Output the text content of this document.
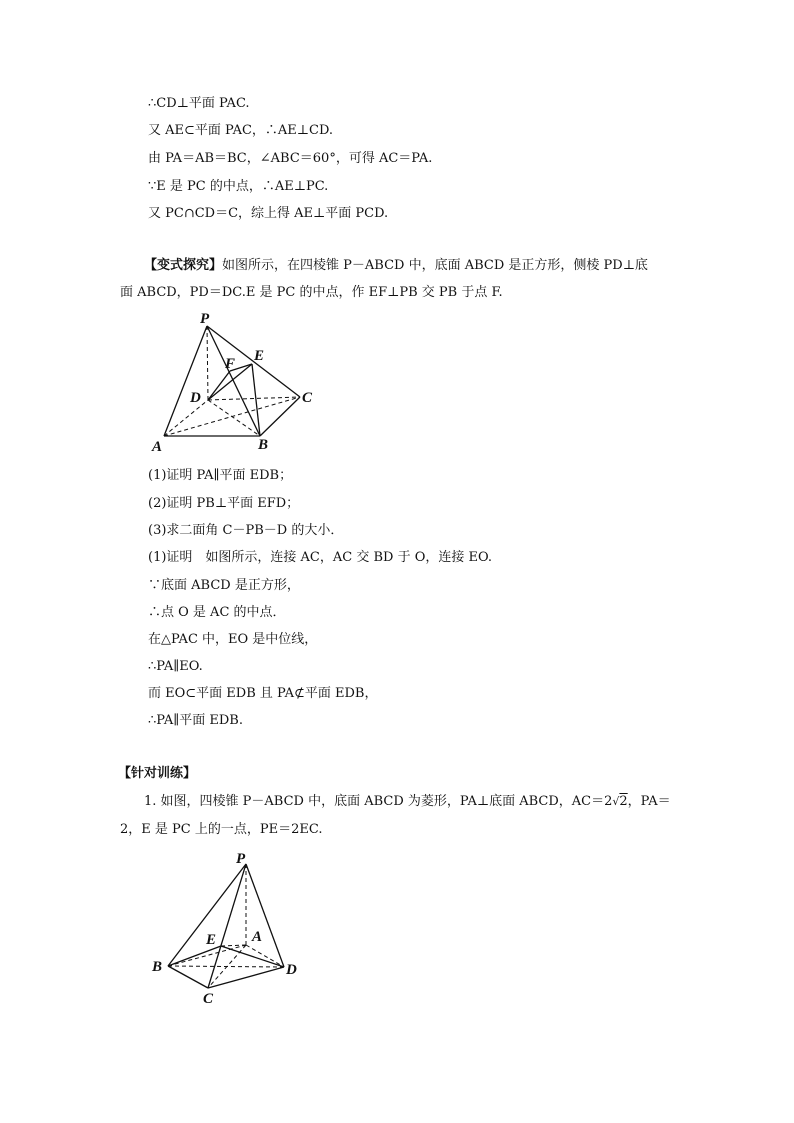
∴CD⊥平面 PAC.
又 AE⊂平面 PAC，∴AE⊥CD.
由 PA＝AB＝BC，∠ABC＝60°，可得 AC＝PA.
∵E 是 PC 的中点，∴AE⊥PC.
又 PC∩CD＝C，综上得 AE⊥平面 PCD.
【变式探究】如图所示，在四棱锥 P－ABCD 中，底面 ABCD 是正方形，侧棱 PD⊥底
面 ABCD，PD＝DC.E 是 PC 的中点，作 EF⊥PB 交 PB 于点 F.
P
E
F
D	C
A	B
(1)证明 PA∥平面 EDB；
(2)证明 PB⊥平面 EFD；
(3)求二面角 C－PB－D 的大小．
(1)证明　如图所示，连接 AC，AC 交 BD 于 O，连接 EO.
∵底面 ABCD 是正方形，
∴点 O 是 AC 的中点．
在△PAC 中，EO 是中位线，
∴PA∥EO.
而 EO⊂平面 EDB 且 PA⊄平面 EDB，
∴PA∥平面 EDB.
【针对训练】
1. 如图，四棱锥 P－ABCD 中，底面 ABCD 为菱形，PA⊥底面 ABCD，AC＝2√2，PA＝
2，E 是 PC 上的一点，PE＝2EC.
P
E A
B	D
C
